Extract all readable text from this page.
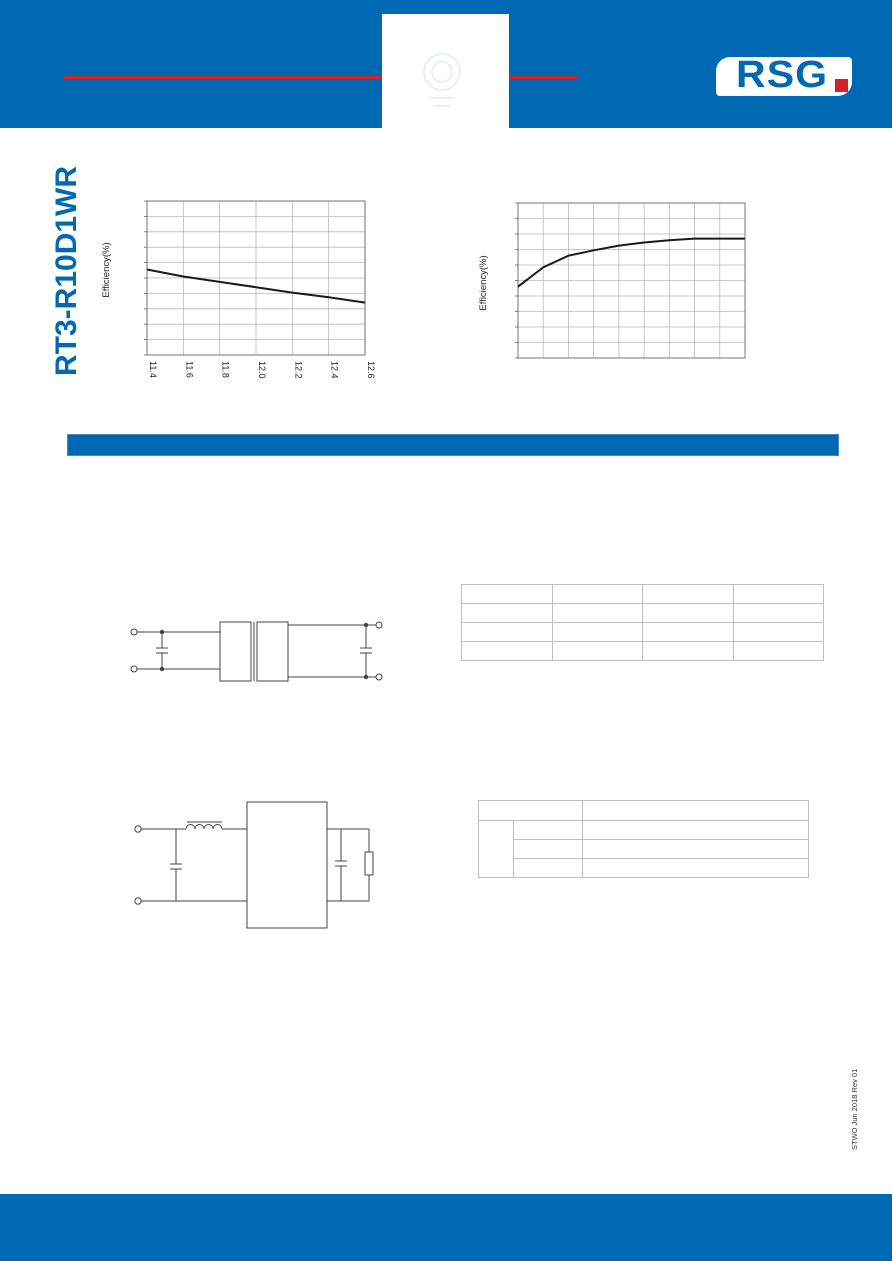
RSG
RT3-R10D1WR	11.4	11.6	11.8	12.0	12.2	12.4	12.6
Efficiency(%)	Efficiency(%)

STWO Jun 2018 Rev 01
